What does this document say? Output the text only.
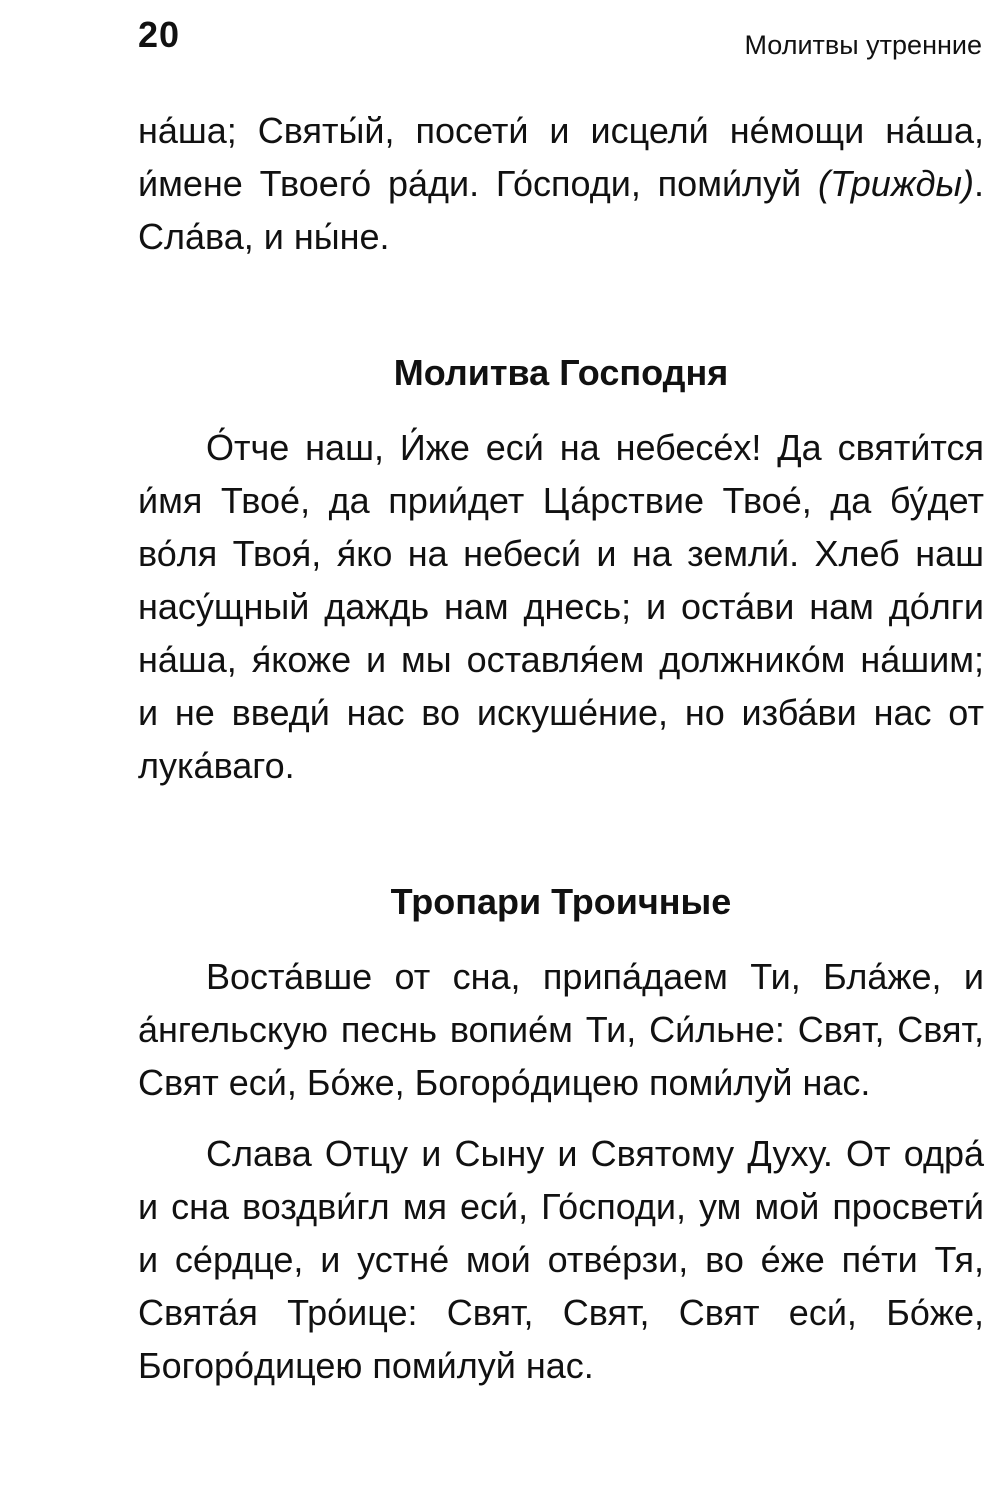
20	Молитвы утренние

на́ша; Святы́й, посети́ и исцели́ не́мощи на́ша, и́мене Твоего́ ра́ди. Го́споди, поми́луй (Трижды). Сла́ва, и ны́не.

Молитва Господня

О́тче наш, И́же еси́ на небесе́х! Да святи́тся и́мя Твое́, да прии́дет Ца́рствие Твое́, да бу́дет во́ля Твоя́, я́ко на небеси́ и на земли́. Хлеб наш насу́щный даждь нам днесь; и оста́ви нам до́лги на́ша, я́коже и мы оставля́ем должнико́м на́шим; и не введи́ нас во искуше́ние, но изба́ви нас от лука́ваго.

Тропари Троичные

Воста́вше от сна, припа́даем Ти, Бла́же, и а́нгельскую песнь вопие́м Ти, Си́льне: Свят, Свят, Свят еси́, Бо́же, Богоро́дицею поми́луй нас.

Слава Отцу и Сыну и Святому Духу. От одра́ и сна воздви́гл мя еси́, Го́споди, ум мой просвети́ и се́рдце, и устне́ мои́ отве́рзи, во е́же пе́ти Тя, Свята́я Тро́ице: Свят, Свят, Свят еси́, Бо́же, Богоро́дицею поми́луй нас.
